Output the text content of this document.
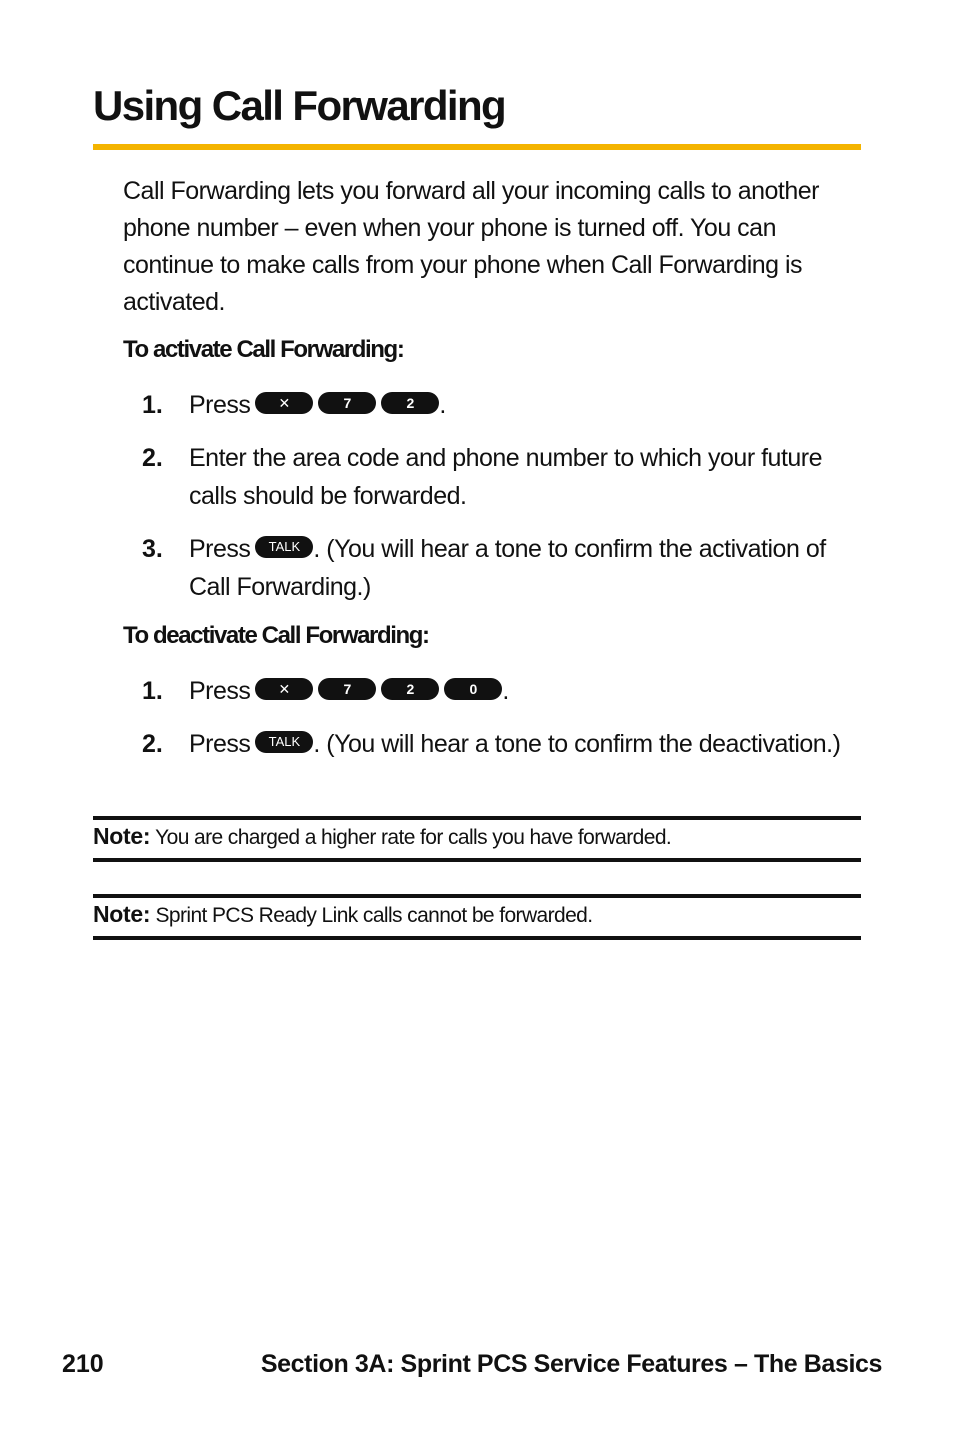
Using Call Forwarding

Call Forwarding lets you forward all your incoming calls to another phone number – even when your phone is turned off. You can continue to make calls from your phone when Call Forwarding is activated.

To activate Call Forwarding:

1. Press ✕	7	2 .
2. Enter the area code and phone number to which your future calls should be forwarded.
3. Press TALK . (You will hear a tone to confirm the activation of Call Forwarding.)

To deactivate Call Forwarding:

1. Press ✕	7	2	0 .
2. Press TALK . (You will hear a tone to confirm the deactivation.)
Note: You are charged a higher rate for calls you have forwarded.
Note: Sprint PCS Ready Link calls cannot be forwarded.
210	Section 3A: Sprint PCS Service Features – The Basics
